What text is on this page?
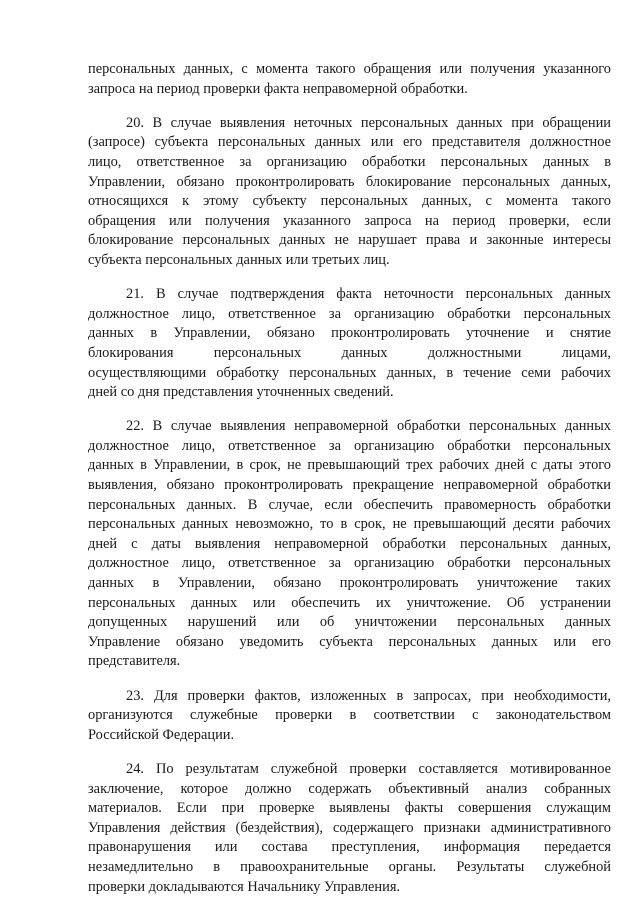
персональных данных, с момента такого обращения или получения указанного
запроса на период проверки факта неправомерной обработки.
20. В случае выявления неточных персональных данных при обращении
(запросе) субъекта персональных данных или его представителя должностное
лицо, ответственное за организацию обработки персональных данных в
Управлении, обязано проконтролировать блокирование персональных данных,
относящихся к этому субъекту персональных данных, с момента такого
обращения или получения указанного запроса на период проверки, если
блокирование персональных данных не нарушает права и законные интересы
субъекта персональных данных или третьих лиц.
21. В случае подтверждения факта неточности персональных данных
должностное лицо, ответственное за организацию обработки персональных
данных в Управлении, обязано проконтролировать уточнение и снятие
блокирования персональных данных должностными лицами,
осуществляющими обработку персональных данных, в течение семи рабочих
дней со дня представления уточненных сведений.
22. В случае выявления неправомерной обработки персональных данных
должностное лицо, ответственное за организацию обработки персональных
данных в Управлении, в срок, не превышающий трех рабочих дней с даты этого
выявления, обязано проконтролировать прекращение неправомерной обработки
персональных данных. В случае, если обеспечить правомерность обработки
персональных данных невозможно, то в срок, не превышающий десяти рабочих
дней с даты выявления неправомерной обработки персональных данных,
должностное лицо, ответственное за организацию обработки персональных
данных в Управлении, обязано проконтролировать уничтожение таких
персональных данных или обеспечить их уничтожение. Об устранении
допущенных нарушений или об уничтожении персональных данных
Управление обязано уведомить субъекта персональных данных или его
представителя.
23. Для проверки фактов, изложенных в запросах, при необходимости,
организуются служебные проверки в соответствии с законодательством
Российской Федерации.
24. По результатам служебной проверки составляется мотивированное
заключение, которое должно содержать объективный анализ собранных
материалов. Если при проверке выявлены факты совершения служащим
Управления действия (бездействия), содержащего признаки административного
правонарушения или состава преступления, информация передается
незамедлительно в правоохранительные органы. Результаты служебной
проверки докладываются Начальнику Управления.
